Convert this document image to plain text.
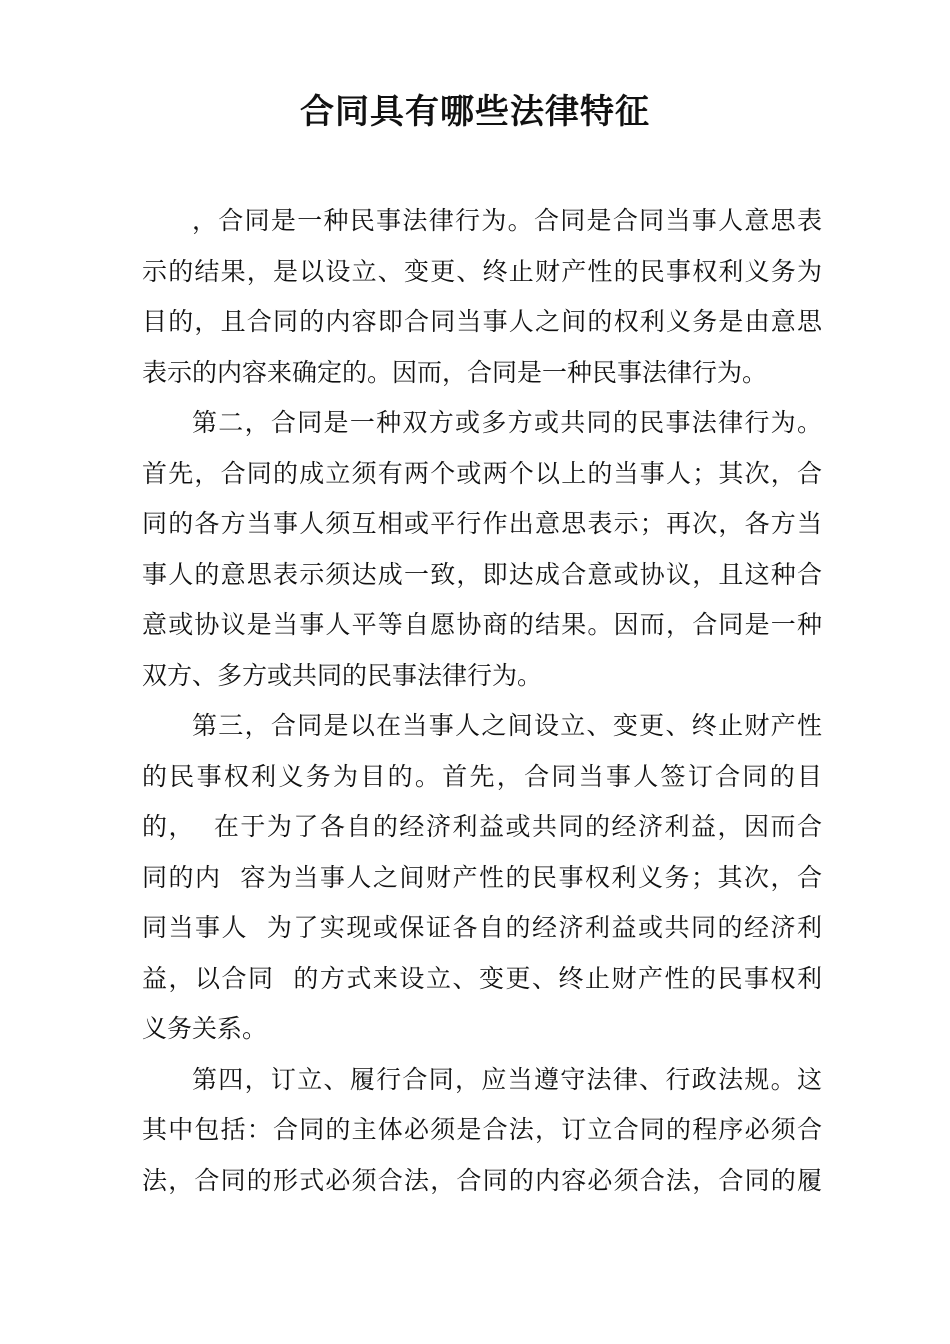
合同具有哪些法律特征
，合同是一种民事法律行为。合同是合同当事人意思表
示的结果，是以设立、变更、终止财产性的民事权利义务为
目的，且合同的内容即合同当事人之间的权利义务是由意思
表示的内容来确定的。因而，合同是一种民事法律行为。
第二，合同是一种双方或多方或共同的民事法律行为。
首先，合同的成立须有两个或两个以上的当事人；其次，合
同的各方当事人须互相或平行作出意思表示；再次，各方当
事人的意思表示须达成一致，即达成合意或协议，且这种合
意或协议是当事人平等自愿协商的结果。因而，合同是一种
双方、多方或共同的民事法律行为。
第三，合同是以在当事人之间设立、变更、终止财产性
的民事权利义务为目的。首先，合同当事人签订合同的目
的，  在于为了各自的经济利益或共同的经济利益，因而合
同的内  容为当事人之间财产性的民事权利义务；其次，合
同当事人  为了实现或保证各自的经济利益或共同的经济利
益，以合同  的方式来设立、变更、终止财产性的民事权利
义务关系。
第四，订立、履行合同，应当遵守法律、行政法规。这
其中包括：合同的主体必须是合法，订立合同的程序必须合
法，合同的形式必须合法，合同的内容必须合法，合同的履
